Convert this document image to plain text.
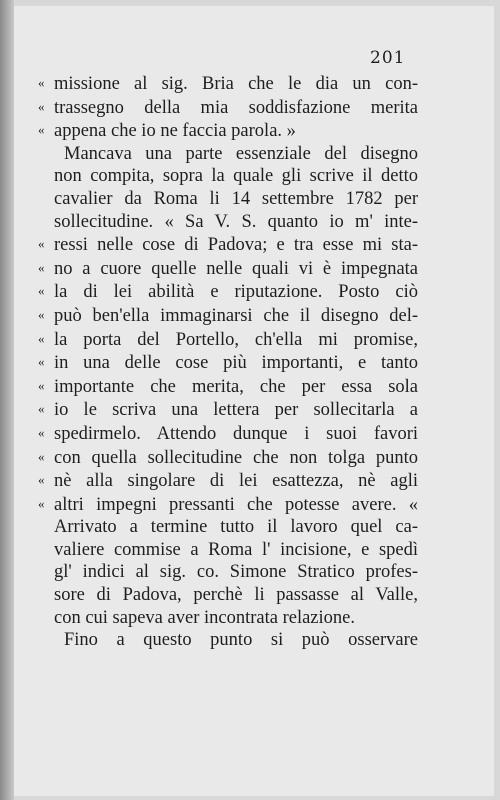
201
« missione al sig. Bria che le dia un con-
« trassegno della mia soddisfazione merita
« appena che io ne faccia parola. »
Mancava una parte essenziale del disegno
non compita, sopra la quale gli scrive il detto
cavalier da Roma li 14 settembre 1782 per
sollecitudine. « Sa V. S. quanto io m' inte-
« ressi nelle cose di Padova; e tra esse mi sta-
« no a cuore quelle nelle quali vi è impegnata
« la di lei abilità e riputazione. Posto ciò
« può ben'ella immaginarsi che il disegno del-
« la porta del Portello, ch'ella mi promise,
« in una delle cose più importanti, e tanto
« importante che merita, che per essa sola
« io le scriva una lettera per sollecitarla a
« spedirmelo. Attendo dunque i suoi favori
« con quella sollecitudine che non tolga punto
« nè alla singolare di lei esattezza, nè agli
« altri impegni pressanti che potesse avere. «
Arrivato a termine tutto il lavoro quel ca-
valiere commise a Roma l' incisione, e spedì
gl' indici al sig. co. Simone Stratico profes-
sore di Padova, perchè li passasse al Valle,
con cui sapeva aver incontrata relazione.
Fino a questo punto si può osservare
